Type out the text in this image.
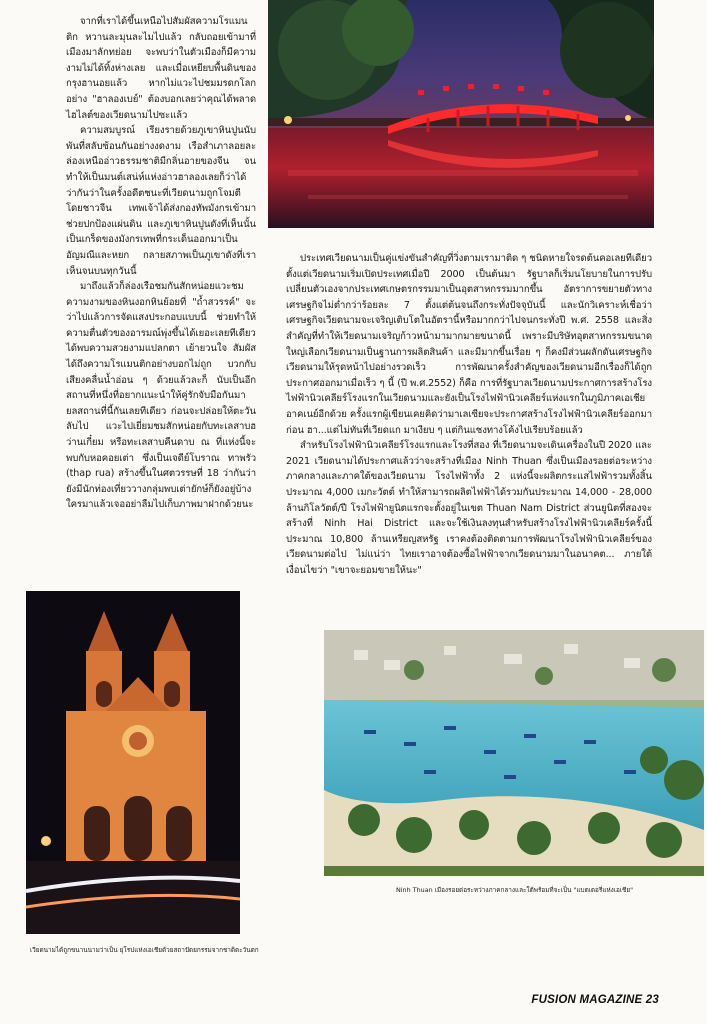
จากที่เราได้ขึ้นเหนือไปสัมผัสความโรแมนติก หวานละมุนละไมไปแล้ว กลับถอยเข้ามาที่เมืองมาลักทย่อย จะพบว่าในตัวเมืองก็มีความงามไม่ได้ทิ้งห่างเลย และเมื่อเหยียบพื้นดินของกรุงฮานอยแล้ว หากไม่แวะไปชมมรดกโลกอย่าง "ฮาลองเบย์" ต้องบอกเลยว่าคุณได้พลาดไฮไลต์ของเวียดนามไปซะแล้ว

ความสมบูรณ์ เรียงรายด้วยภูเขาหินปูนนับพันที่สลับซ้อนกันอย่างงดงาม เรือสำเภาลอยละล่องเหนืออ่าวธรรมชาติมีกลิ่นอายของจีน จนทำให้เป็นมนต์เสน่ห์แห่งอ่าวฮาลองเลยก็ว่าได้ ว่ากันว่าในครั้งอดีตชนะที่เวียดนามถูกโจมตีโดยชาวจีน เทพเจ้าได้ส่งกองทัพมังกรเข้ามาช่วยปกป้องแผ่นดิน และภูเขาหินปูนดังที่เห็นนั้น เป็นเกร็ดของมังกรเทพที่กระเด็นออกมาเป็นอัญมณีและหยก กลายสภาพเป็นภูเขาดังที่เราเห็นจนบนทุกวันนี้

มาถึงแล้วก็ล่องเรือชมกันสักหน่อยแวะชมความงามของหินงอกหินย้อยที่ "ถ้ำสวรรค์" จะว่าไปแล้วการจัดแสงประกอบแบบนี้ ช่วยทำให้ความตื่นตัวของอารมณ์พุ่งขึ้นได้เยอะเลยทีเดียว ได้พบความสวยงามแปลกตา เย้ายวนใจ สัมผัสได้ถึงความโรแมนติกอย่างบอกไม่ถูก บวกกับเสียงคลื่นน้ำอ่อน ๆ ด้วยแล้วละก็ นับเป็นอีกสถานที่หนึ่งที่อยากแนะนำให้คู่รักจับมือกันมายลสถานที่นี้กันเลยทีเดียว ก่อนจะปล่อยให้ตะวันลับไป แวะไปเยี่ยมชมสักหน่อยกับทะเลสาบฮว่านเกี๋ยม หรือทะเลสาบคืนดาบ ณ ที่แห่งนี้จะพบกับหอคอยเต่า ซึ่งเป็นเจดีย์โบราณ ทาพรัว (thap rua) สร้างขึ้นในศตวรรษที่ 18 ว่ากันว่ายังมีนักท่องเที่ยววางกลุ่มพบเต่ายักษ์ก็ยังอยู่บ้าง ใครมาแล้วเจออย่าลืมไปเก็บภาพมาฝากด้วยนะ

ประเทศเวียดนามเป็นคู่แข่งขันสำคัญที่วิ่งตามเรามาติด ๆ ชนิดหายใจรดต้นคอเลยทีเดียว ตั้งแต่เวียดนามเริ่มเปิดประเทศเมื่อปี 2000 เป็นต้นมา รัฐบาลก็เริ่มนโยบายในการปรับเปลี่ยนตัวเองจากประเทศเกษตรกรรมมาเป็นอุตสาหกรรมมากขึ้น อัตราการขยายตัวทางเศรษฐกิจไม่ต่ำกว่าร้อยละ 7 ตั้งแต่ต้นจนถึงกระทั่งปัจจุบันนี้ และนักวิเคราะห์เชื่อว่าเศรษฐกิจเวียดนามจะเจริญเติบโตในอัตรานี้หรือมากกว่าไปจนกระทั่งปี พ.ศ. 2558 และสิ่งสำคัญที่ทำให้เวียดนามเจริญก้าวหน้ามามากมายขนาดนี้ เพราะมีบริษัทอุตสาหกรรมขนาดใหญ่เลือกเวียดนามเป็นฐานการผลิตสินค้า และมีมากขึ้นเรื่อย ๆ ก็คงมีส่วนผลักดันเศรษฐกิจเวียดนามให้รุดหน้าไปอย่างรวดเร็ว การพัฒนาครั้งสำคัญของเวียดนามอีกเรื่องก็ได้ถูกประกาศออกมาเมื่อเร็ว ๆ นี้ (ปี พ.ศ.2552) ก็คือ การที่รัฐบาลเวียดนามประกาศการสร้างโรงไฟฟ้านิวเคลียร์โรงแรกในเวียดนามและยังเป็นโรงไฟฟ้านิวเคลียร์แห่งแรกในภูมิภาคเอเชียอาคเนย์อีกด้วย ครั้งแรกผู้เขียนเคยคิดว่ามาเลเซียจะประกาศสร้างโรงไฟฟ้านิวเคลียร์ออกมาก่อน ฮา...แต่ไม่ทันที่เวียดแก มาเงียบ ๆ แต่กินแชงทางโค้งไปเรียบร้อยแล้ว

สำหรับโรงไฟฟ้านิวเคลียร์โรงแรกและโรงที่สอง ที่เวียดนามจะเดินเครื่องในปี 2020 และ 2021 เวียดนามได้ประกาศแล้วว่าจะสร้างที่เมือง Ninh Thuan ซึ่งเป็นเมืองรอยต่อระหว่างภาคกลางและภาคใต้ของเวียดนาม โรงไฟฟ้าทั้ง 2 แห่งนี้จะผลิตกระแสไฟฟ้ารวมทั้งสิ้นประมาณ 4,000 เมกะวัตต์ ทำให้สามารถผลิตไฟฟ้าได้รวมกันประมาณ 14,000 - 28,000 ล้านกิโลวัตต์/ปี โรงไฟฟ้ายูนิตแรกจะตั้งอยู่ในเขต Thuan Nam District ส่วนยูนิตที่สองจะสร้างที่ Ninh Hai District และจะใช้เงินลงทุนสำหรับสร้างโรงไฟฟ้านิวเคลียร์ครั้งนี้ประมาณ 10,800 ล้านเหรียญสหรัฐ เราคงต้องติดตามการพัฒนาโรงไฟฟ้านิวเคลียร์ของเวียดนามต่อไป ไม่แน่ว่า ไทยเราอาจต้องซื้อไฟฟ้าจากเวียดนามมาในอนาคต... ภายใต้เงื่อนไขว่า "เขาจะยอมขายให้นะ"

Ninh Thuan เมืองรอยต่อระหว่างภาคกลางและใต้พร้อมที่จะเป็น "แบตเตอรี่แห่งเอเชีย"
เวียดนามได้ถูกขนานนามว่าเป็น ยุโรปแห่งเอเชียด้วยสถาปัตยกรรมจากชาติตะวันตก
FUSION MAGAZINE 23
